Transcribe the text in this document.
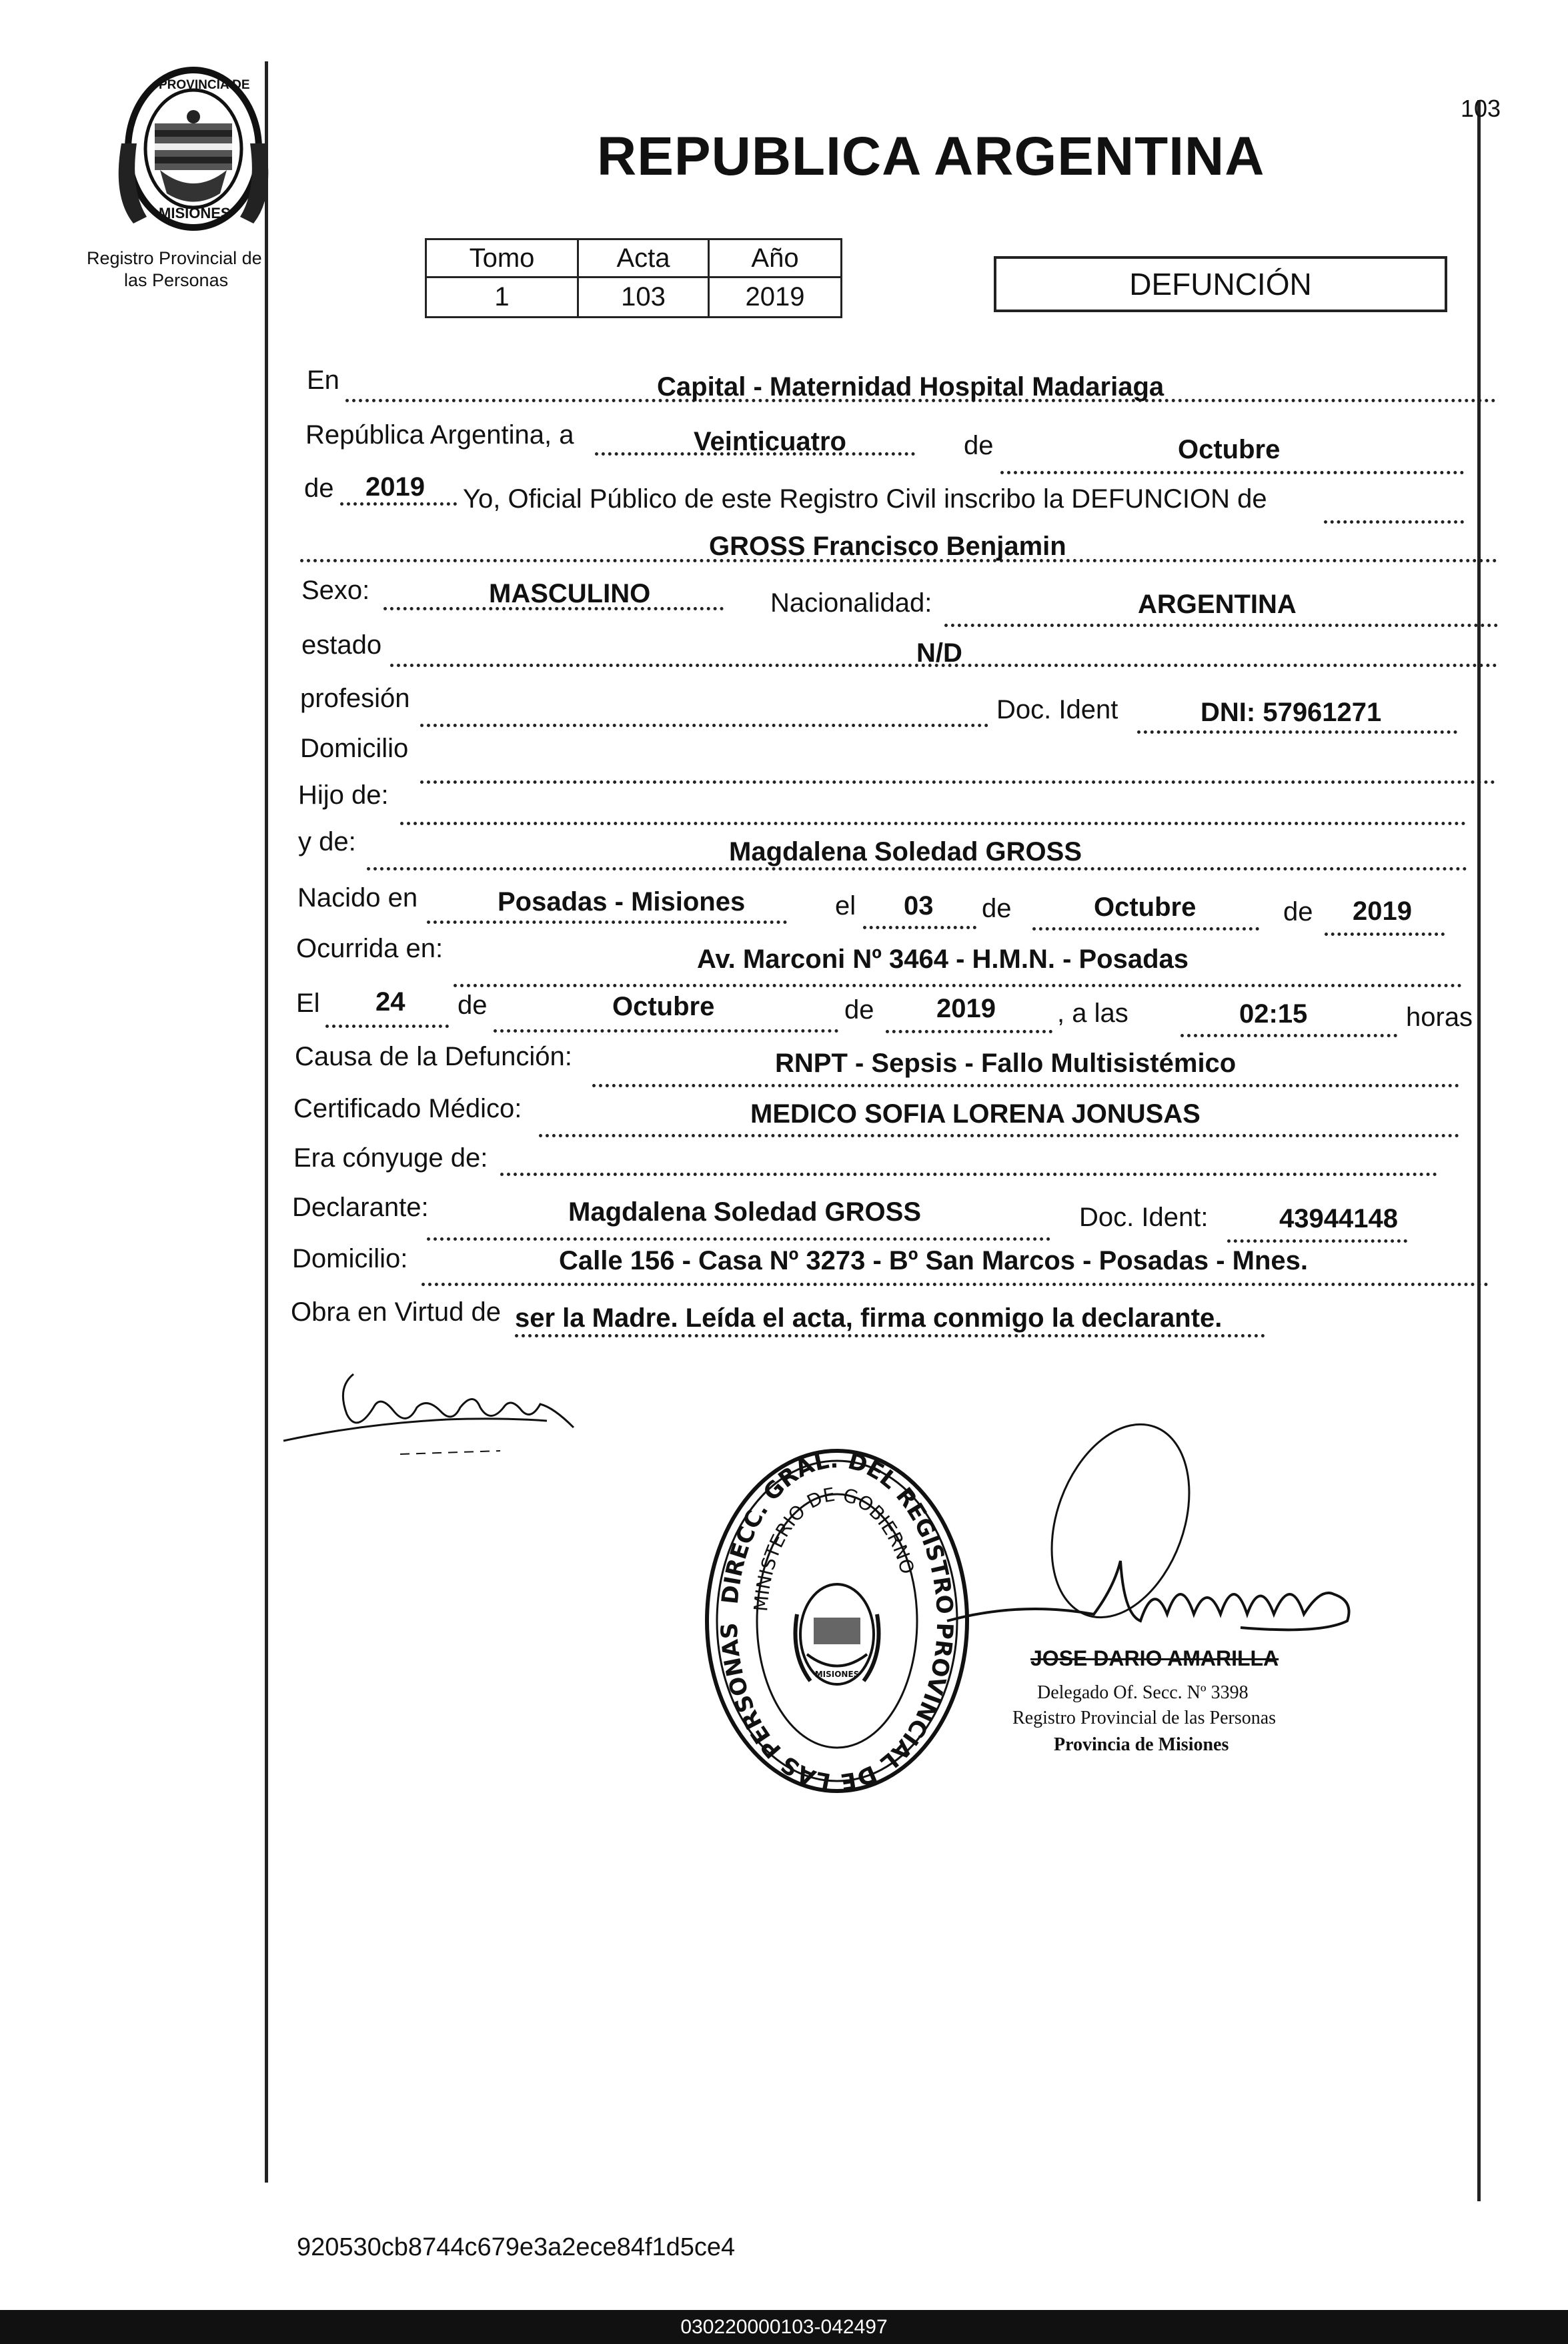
PROVINCIA DE
MISIONES
Registro Provincial de
las Personas
103
REPUBLICA ARGENTINA
Tomo	Acta	Año
1	103	2019	DEFUNCIÓN
En	Capital - Maternidad Hospital Madariaga
República Argentina, a	Veinticuatro	de	Octubre
de 2019 Yo, Oficial Público de este Registro Civil inscribo la DEFUNCION de
GROSS Francisco Benjamin
Sexo:	MASCULINO	Nacionalidad:	ARGENTINA
estado	N/D
profesión	Doc. Ident	DNI: 57961271
Domicilio
Hijo de:
y de:	Magdalena Soledad GROSS
Nacido en	Posadas - Misiones	el 03 de	Octubre	de 2019
Ocurrida en:	Av. Marconi Nº 3464 - H.M.N. - Posadas
El 24 de	Octubre	de 2019 , a las	02:15	horas
Causa de la Defunción:	RNPT - Sepsis - Fallo Multisistémico
Certificado Médico:	MEDICO SOFIA LORENA JONUSAS
Era cónyuge de:
Declarante:	Magdalena Soledad GROSS	Doc. Ident:	43944148
Domicilio:	Calle 156 - Casa Nº 3273 - Bº San Marcos - Posadas - Mnes.
Obra en Virtud de ser la Madre. Leída el acta, firma conmigo la declarante.
DIRECC. GRAL. DEL REGISTRO PROVINCIAL DE LAS PERSONAS
MINISTERIO DE GOBIERNO
MISIONES
JOSE DARIO AMARILLA
Delegado Of. Secc. Nº 3398
Registro Provincial de las Personas
Provincia de Misiones
920530cb8744c679e3a2ece84f1d5ce4
030220000103-042497
